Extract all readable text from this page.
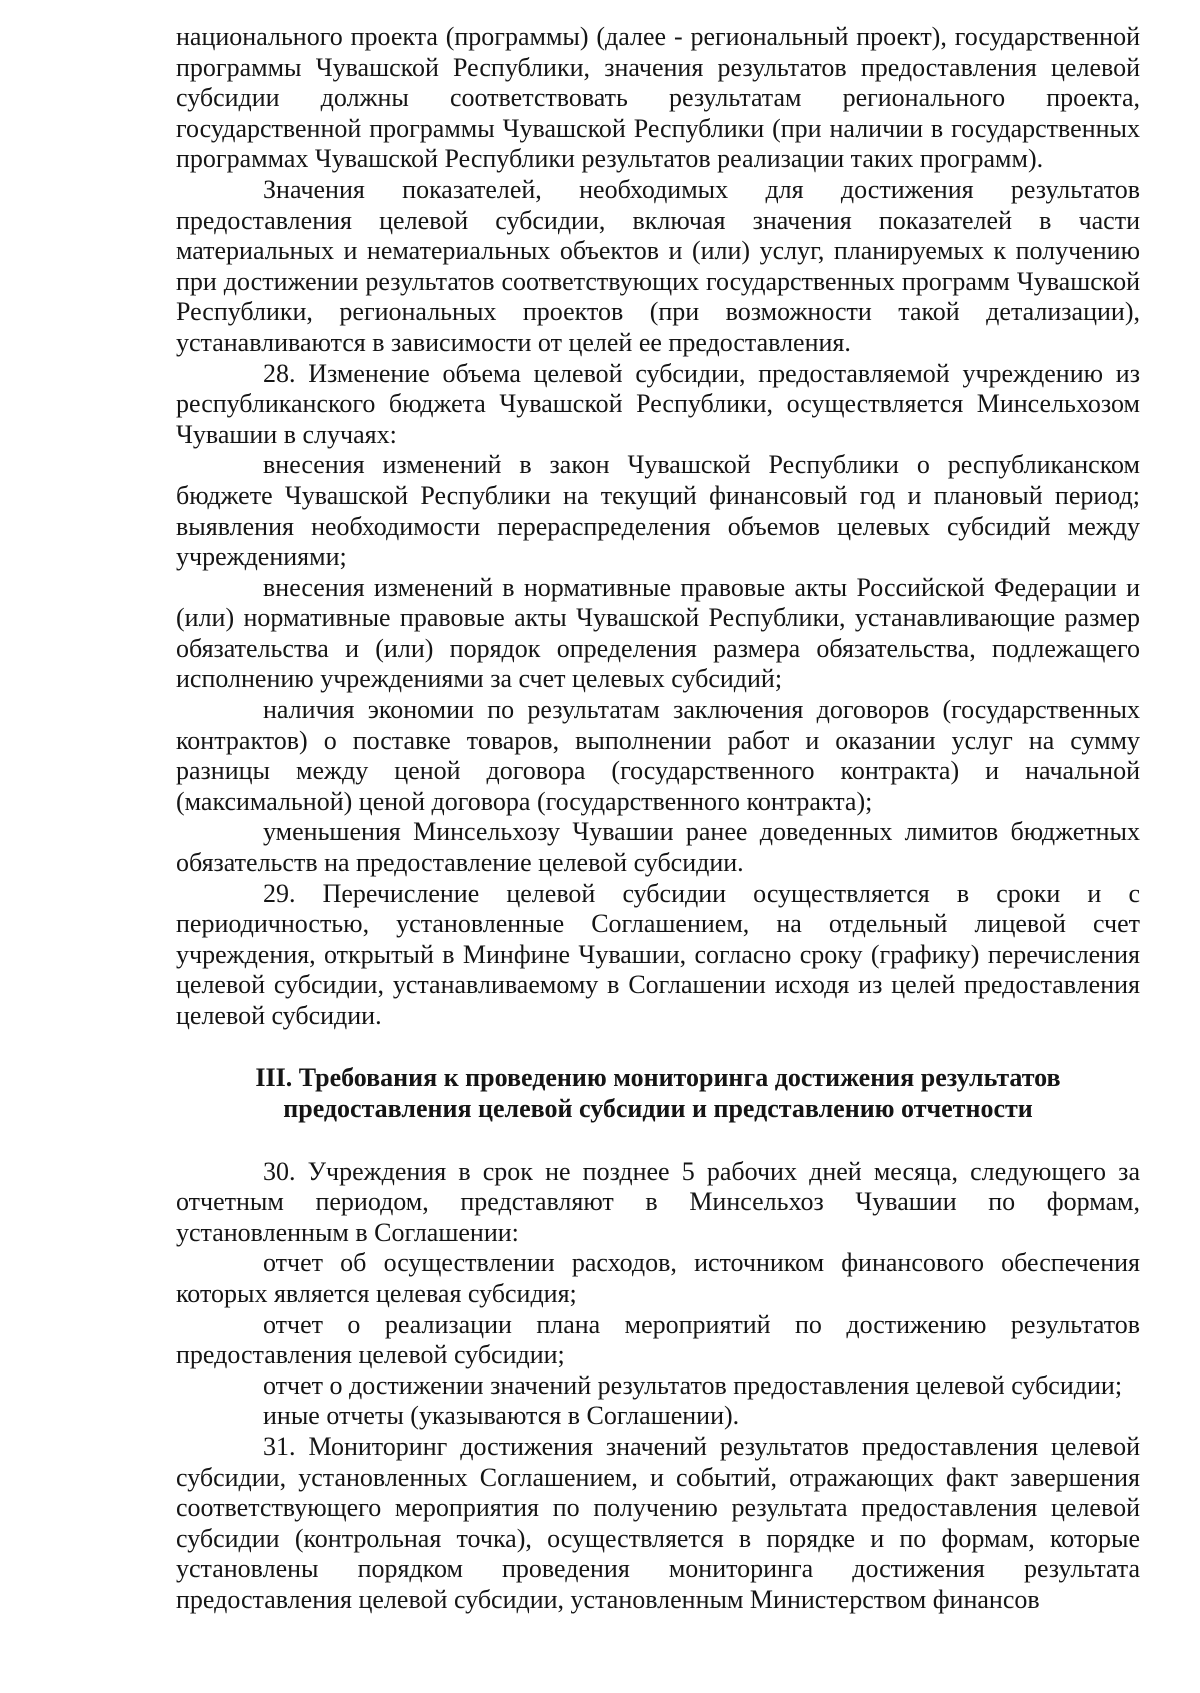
национального проекта (программы) (далее - региональный проект), государственной программы Чувашской Республики, значения результатов предоставления целевой субсидии должны соответствовать результатам регионального проекта, государственной программы Чувашской Республики (при наличии в государственных программах Чувашской Республики результатов реализации таких программ).

Значения показателей, необходимых для достижения результатов предоставления целевой субсидии, включая значения показателей в части материальных и нематериальных объектов и (или) услуг, планируемых к получению при достижении результатов соответствующих государственных программ Чувашской Республики, региональных проектов (при возможности такой детализации), устанавливаются в зависимости от целей ее предоставления.

28. Изменение объема целевой субсидии, предоставляемой учреждению из республиканского бюджета Чувашской Республики, осуществляется Минсельхозом Чувашии в случаях:

внесения изменений в закон Чувашской Республики о республиканском бюджете Чувашской Республики на текущий финансовый год и плановый период; выявления необходимости перераспределения объемов целевых субсидий между учреждениями;

внесения изменений в нормативные правовые акты Российской Федерации и (или) нормативные правовые акты Чувашской Республики, устанавливающие размер обязательства и (или) порядок определения размера обязательства, подлежащего исполнению учреждениями за счет целевых субсидий;

наличия экономии по результатам заключения договоров (государственных контрактов) о поставке товаров, выполнении работ и оказании услуг на сумму разницы между ценой договора (государственного контракта) и начальной (максимальной) ценой договора (государственного контракта);

уменьшения Минсельхозу Чувашии ранее доведенных лимитов бюджетных обязательств на предоставление целевой субсидии.

29. Перечисление целевой субсидии осуществляется в сроки и с периодичностью, установленные Соглашением, на отдельный лицевой счет учреждения, открытый в Минфине Чувашии, согласно сроку (графику) перечисления целевой субсидии, устанавливаемому в Соглашении исходя из целей предоставления целевой субсидии.

III. Требования к проведению мониторинга достижения результатов
предоставления целевой субсидии и представлению отчетности

30. Учреждения в срок не позднее 5 рабочих дней месяца, следующего за отчетным периодом, представляют в Минсельхоз Чувашии по формам, установленным в Соглашении:

отчет об осуществлении расходов, источником финансового обеспечения которых является целевая субсидия;

отчет о реализации плана мероприятий по достижению результатов предоставления целевой субсидии;

отчет о достижении значений результатов предоставления целевой субсидии;

иные отчеты (указываются в Соглашении).

31. Мониторинг достижения значений результатов предоставления целевой субсидии, установленных Соглашением, и событий, отражающих факт завершения соответствующего мероприятия по получению результата предоставления целевой субсидии (контрольная точка), осуществляется в порядке и по формам, которые установлены порядком проведения мониторинга достижения результата предоставления целевой субсидии, установленным Министерством финансов
